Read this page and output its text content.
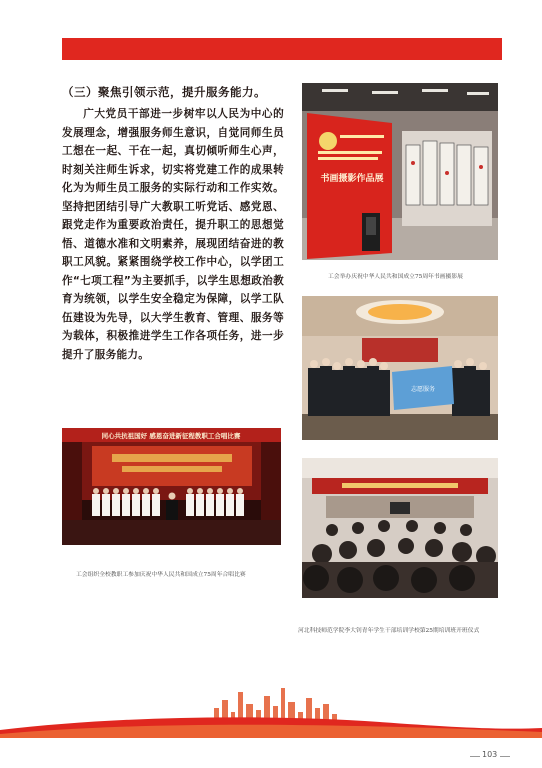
（三）聚焦引领示范，提升服务能力。

广大党员干部进一步树牢以人民为中心的发展理念，增强服务师生意识，自觉同师生员工想在一起、干在一起，真切倾听师生心声，时刻关注师生诉求，切实将党建工作的成果转化为为师生员工服务的实际行动和工作实效。坚持把团结引导广大教职工听党话、感党恩、跟党走作为重要政治责任，提升职工的思想觉悟、道德水准和文明素养，展现团结奋进的教职工风貌。紧紧围绕学校工作中心，以学团工作“七项工程”为主要抓手，以学生思想政治教育为统领，以学生安全稳定为保障，以学工队伍建设为先导，以大学生教育、管理、服务等为载体，积极推进学生工作各项任务，进一步提升了服务能力。

书画摄影作品展
工会举办庆祝中华人民共和国成立75周年书画摄影展
志愿服务
同心共抗祖国好 感恩奋进新征程教职工合唱比赛
工会组织全校教职工参加庆祝中华人民共和国成立75周年合唱比赛
河北科技师范学院李大钊青年学生干部培训学校第25期培训班开班仪式
103
